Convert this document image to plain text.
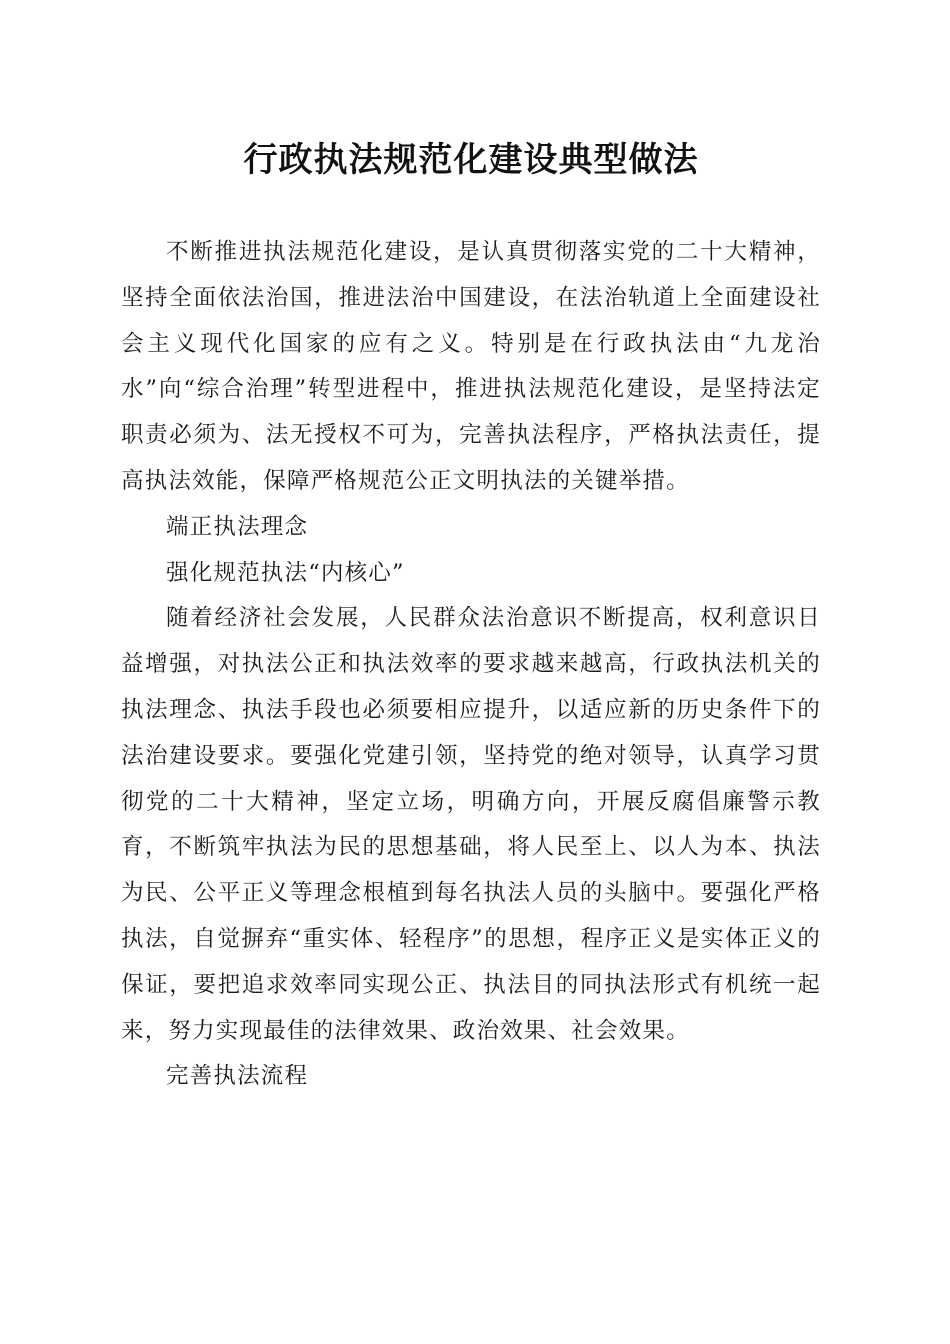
行政执法规范化建设典型做法

不断推进执法规范化建设，是认真贯彻落实党的二十大精神，坚持全面依法治国，推进法治中国建设，在法治轨道上全面建设社会主义现代化国家的应有之义。特别是在行政执法由“九龙治水”向“综合治理”转型进程中，推进执法规范化建设，是坚持法定职责必须为、法无授权不可为，完善执法程序，严格执法责任，提高执法效能，保障严格规范公正文明执法的关键举措。

端正执法理念

强化规范执法“内核心”

随着经济社会发展，人民群众法治意识不断提高，权利意识日益增强，对执法公正和执法效率的要求越来越高，行政执法机关的执法理念、执法手段也必须要相应提升，以适应新的历史条件下的法治建设要求。要强化党建引领，坚持党的绝对领导，认真学习贯彻党的二十大精神，坚定立场，明确方向，开展反腐倡廉警示教育，不断筑牢执法为民的思想基础，将人民至上、以人为本、执法为民、公平正义等理念根植到每名执法人员的头脑中。要强化严格执法，自觉摒弃“重实体、轻程序”的思想，程序正义是实体正义的保证，要把追求效率同实现公正、执法目的同执法形式有机统一起来，努力实现最佳的法律效果、政治效果、社会效果。

完善执法流程
